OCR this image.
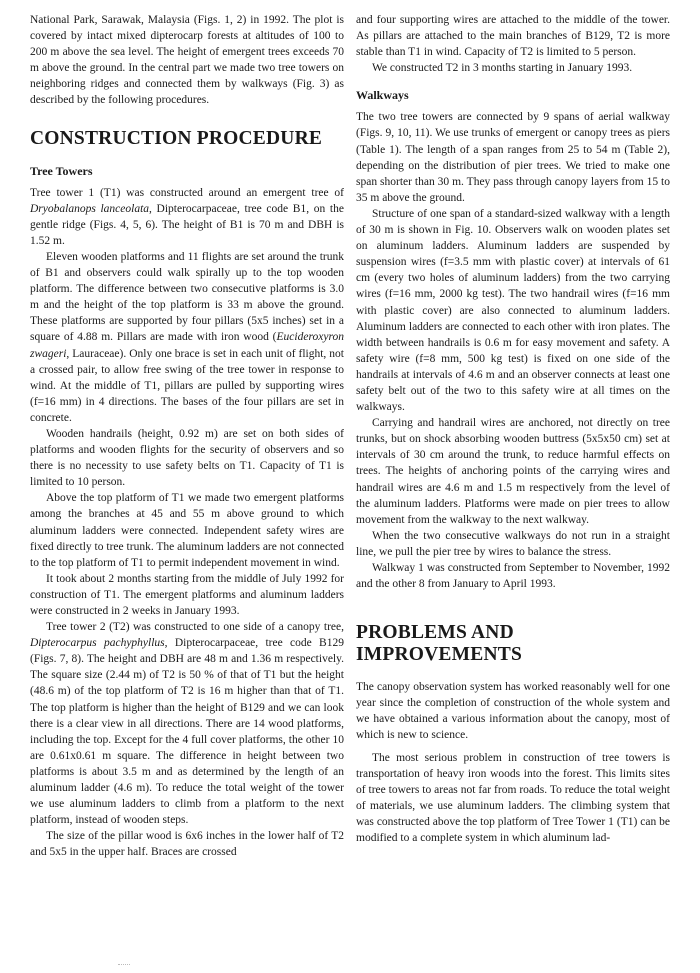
National Park, Sarawak, Malaysia (Figs. 1, 2) in 1992. The plot is covered by intact mixed dipterocarp forests at altitudes of 100 to 200 m above the sea level. The height of emergent trees exceeds 70 m above the ground. In the central part we made two tree towers on neighboring ridges and connected them by walkways (Fig. 3) as described by the following procedures.

CONSTRUCTION PROCEDURE
Tree Towers

Tree tower 1 (T1) was constructed around an emergent tree of Dryobalanops lanceolata, Dipterocarpaceae, tree code B1, on the gentle ridge (Figs. 4, 5, 6). The height of B1 is 70 m and DBH is 1.52 m.

Eleven wooden platforms and 11 flights are set around the trunk of B1 and observers could walk spirally up to the top wooden platform. The difference between two consecutive platforms is 3.0 m and the height of the top platform is 33 m above the ground. These platforms are supported by four pillars (5x5 inches) set in a square of 4.88 m. Pillars are made with iron wood (Eucideroxyron zwageri, Lauraceae). Only one brace is set in each unit of flight, not a crossed pair, to allow free swing of the tree tower in response to wind. At the middle of T1, pillars are pulled by supporting wires (f=16 mm) in 4 directions. The bases of the four pillars are set in concrete.

Wooden handrails (height, 0.92 m) are set on both sides of platforms and wooden flights for the security of observers and so there is no necessity to use safety belts on T1. Capacity of T1 is limited to 10 person.

Above the top platform of T1 we made two emergent platforms among the branches at 45 and 55 m above ground to which aluminum ladders were connected. Independent safety wires are fixed directly to tree trunk. The aluminum ladders are not connected to the top platform of T1 to permit independent movement in wind.

It took about 2 months starting from the middle of July 1992 for construction of T1. The emergent platforms and aluminum ladders were constructed in 2 weeks in January 1993.

Tree tower 2 (T2) was constructed to one side of a canopy tree, Dipterocarpus pachyphyllus, Dipterocarpaceae, tree code B129 (Figs. 7, 8). The height and DBH are 48 m and 1.36 m respectively. The square size (2.44 m) of T2 is 50 % of that of T1 but the height (48.6 m) of the top platform of T2 is 16 m higher than that of T1. The top platform is higher than the height of B129 and we can look there is a clear view in all directions. There are 14 wood platforms, including the top. Except for the 4 full cover platforms, the other 10 are 0.61x0.61 m square. The difference in height between two platforms is about 3.5 m and as determined by the length of an aluminum ladder (4.6 m). To reduce the total weight of the tower we use aluminum ladders to climb from a platform to the next platform, instead of wooden steps.

The size of the pillar wood is 6x6 inches in the lower half of T2 and 5x5 in the upper half. Braces are crossed

and four supporting wires are attached to the middle of the tower. As pillars are attached to the main branches of B129, T2 is more stable than T1 in wind. Capacity of T2 is limited to 5 person.

We constructed T2 in 3 months starting in January 1993.

Walkways

The two tree towers are connected by 9 spans of aerial walkway (Figs. 9, 10, 11). We use trunks of emergent or canopy trees as piers (Table 1). The length of a span ranges from 25 to 54 m (Table 2), depending on the distribution of pier trees. We tried to make one span shorter than 30 m. They pass through canopy layers from 15 to 35 m above the ground.

Structure of one span of a standard-sized walkway with a length of 30 m is shown in Fig. 10. Observers walk on wooden plates set on aluminum ladders. Aluminum ladders are suspended by suspension wires (f=3.5 mm with plastic cover) at intervals of 61 cm (every two holes of aluminum ladders) from the two carrying wires (f=16 mm, 2000 kg test). The two handrail wires (f=16 mm with plastic cover) are also connected to aluminum ladders. Aluminum ladders are connected to each other with iron plates. The width between handrails is 0.6 m for easy movement and safety. A safety wire (f=8 mm, 500 kg test) is fixed on one side of the handrails at intervals of 4.6 m and an observer connects at least one safety belt out of the two to this safety wire at all times on the walkways.

Carrying and handrail wires are anchored, not directly on tree trunks, but on shock absorbing wooden buttress (5x5x50 cm) set at intervals of 30 cm around the trunk, to reduce harmful effects on trees. The heights of anchoring points of the carrying wires and handrail wires are 4.6 m and 1.5 m respectively from the level of the aluminum ladders. Platforms were made on pier trees to allow movement from the walkway to the next walkway.

When the two consecutive walkways do not run in a straight line, we pull the pier tree by wires to balance the stress.

Walkway 1 was constructed from September to November, 1992 and the other 8 from January to April 1993.

PROBLEMS AND IMPROVEMENTS

The canopy observation system has worked reasonably well for one year since the completion of construction of the whole system and we have obtained a various information about the canopy, most of which is new to science.

The most serious problem in construction of tree towers is transportation of heavy iron woods into the forest. This limits sites of tree towers to areas not far from roads. To reduce the total weight of materials, we use aluminum ladders. The climbing system that was constructed above the top platform of Tree Tower 1 (T1) can be modified to a complete system in which aluminum lad-
